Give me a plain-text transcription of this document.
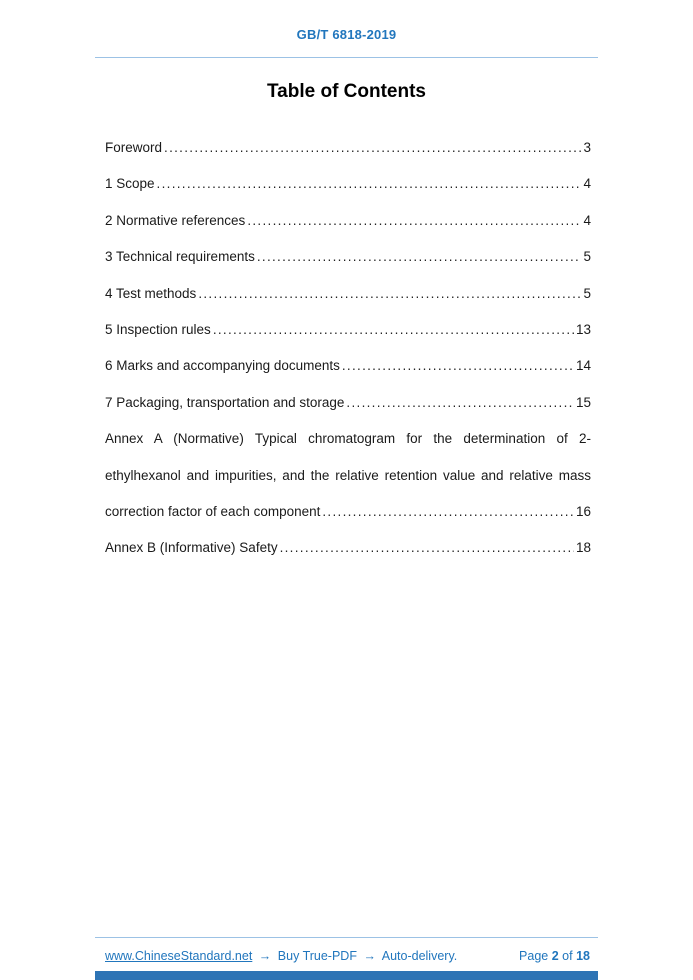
GB/T 6818-2019
Table of Contents
Foreword .....	3
1 Scope .....	4
2 Normative references .....	4
3 Technical requirements .....	5
4 Test methods .....	5
5 Inspection rules .....	13
6 Marks and accompanying documents .....	14
7 Packaging, transportation and storage .....	15
Annex A (Normative) Typical chromatogram for the determination of 2-ethylhexanol and impurities, and the relative retention value and relative mass
correction factor of each component .....	16
Annex B (Informative) Safety .....	18
www.ChineseStandard.net → Buy True-PDF → Auto-delivery.	Page 2 of 18
